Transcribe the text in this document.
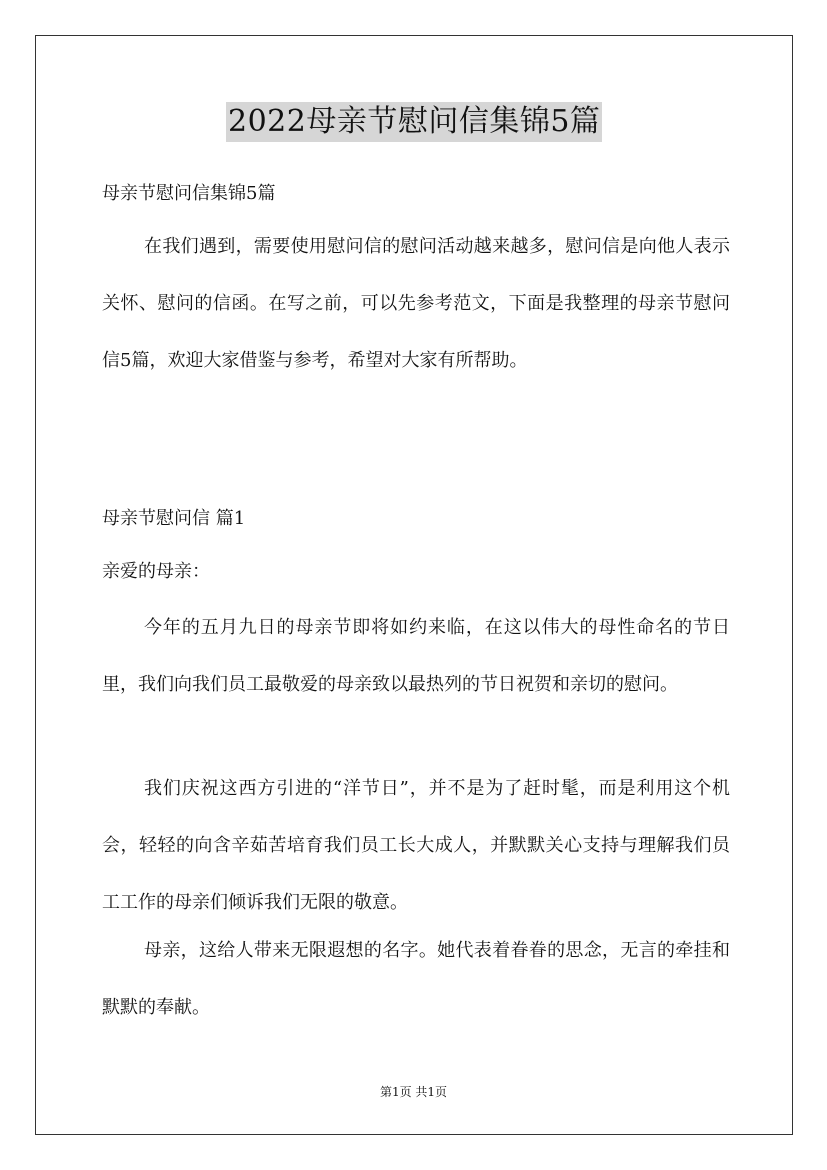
2022母亲节慰问信集锦5篇
母亲节慰问信集锦5篇
在我们遇到，需要使用慰问信的慰问活动越来越多，慰问信是向他人表示关怀、慰问的信函。在写之前，可以先参考范文，下面是我整理的母亲节慰问信5篇，欢迎大家借鉴与参考，希望对大家有所帮助。
母亲节慰问信 篇1
亲爱的母亲：
今年的五月九日的母亲节即将如约来临，在这以伟大的母性命名的节日里，我们向我们员工最敬爱的母亲致以最热列的节日祝贺和亲切的慰问。
我们庆祝这西方引进的“洋节日”，并不是为了赶时髦，而是利用这个机会，轻轻的向含辛茹苦培育我们员工长大成人，并默默关心支持与理解我们员工工作的母亲们倾诉我们无限的敬意。
母亲，这给人带来无限遐想的名字。她代表着眷眷的思念，无言的牵挂和默默的奉献。
第1页 共1页
